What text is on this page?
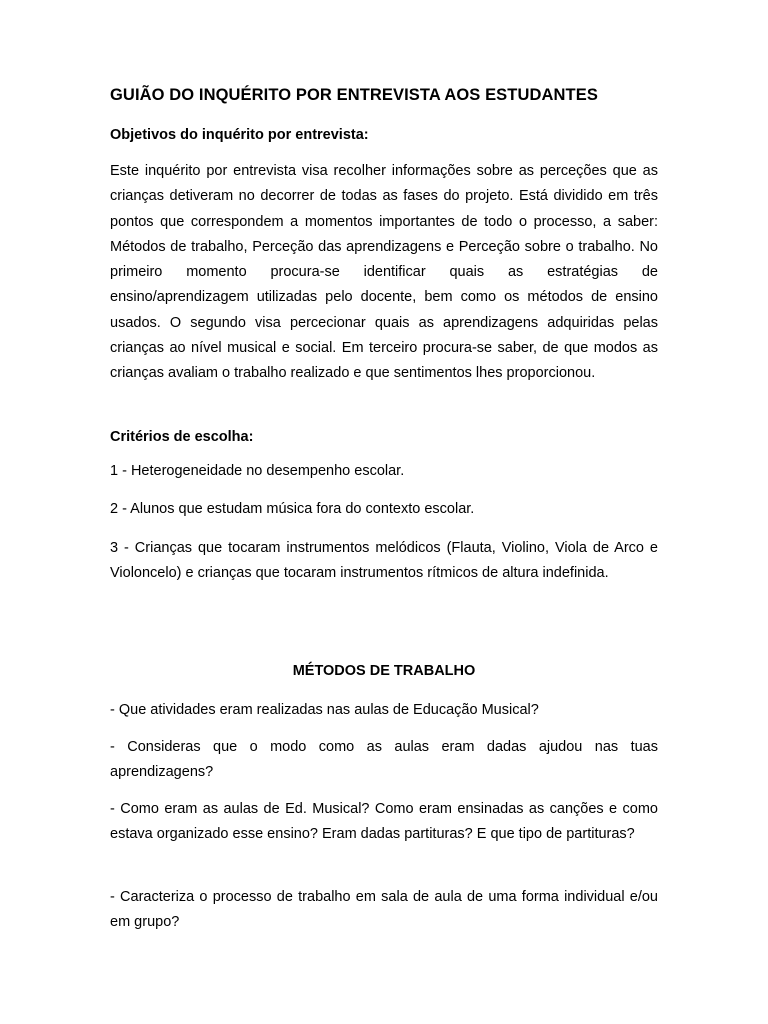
GUIÃO DO INQUÉRITO POR ENTREVISTA AOS ESTUDANTES
Objetivos do inquérito por entrevista:
Este inquérito por entrevista visa recolher informações sobre as perceções que as crianças detiveram no decorrer de todas as fases do projeto. Está dividido em três pontos que correspondem a momentos importantes de todo o processo, a saber: Métodos de trabalho, Perceção das aprendizagens e Perceção sobre o trabalho. No primeiro momento procura-se identificar quais as estratégias de ensino/aprendizagem utilizadas pelo docente, bem como os métodos de ensino usados. O segundo visa percecionar quais as aprendizagens adquiridas pelas crianças ao nível musical e social. Em terceiro procura-se saber, de que modos as crianças avaliam o trabalho realizado e que sentimentos lhes proporcionou.
Critérios de escolha:
1 - Heterogeneidade no desempenho escolar.
2 - Alunos que estudam música fora do contexto escolar.
3 - Crianças que tocaram instrumentos melódicos (Flauta, Violino, Viola de Arco e Violoncelo) e crianças que tocaram instrumentos rítmicos de altura indefinida.
MÉTODOS DE TRABALHO
- Que atividades eram realizadas nas aulas de Educação Musical?
- Consideras que o modo como as aulas eram dadas ajudou nas tuas aprendizagens?
- Como eram as aulas de Ed. Musical? Como eram ensinadas as canções e como estava organizado esse ensino? Eram dadas partituras? E que tipo de partituras?
- Caracteriza o processo de trabalho em sala de aula de uma forma individual e/ou em grupo?
